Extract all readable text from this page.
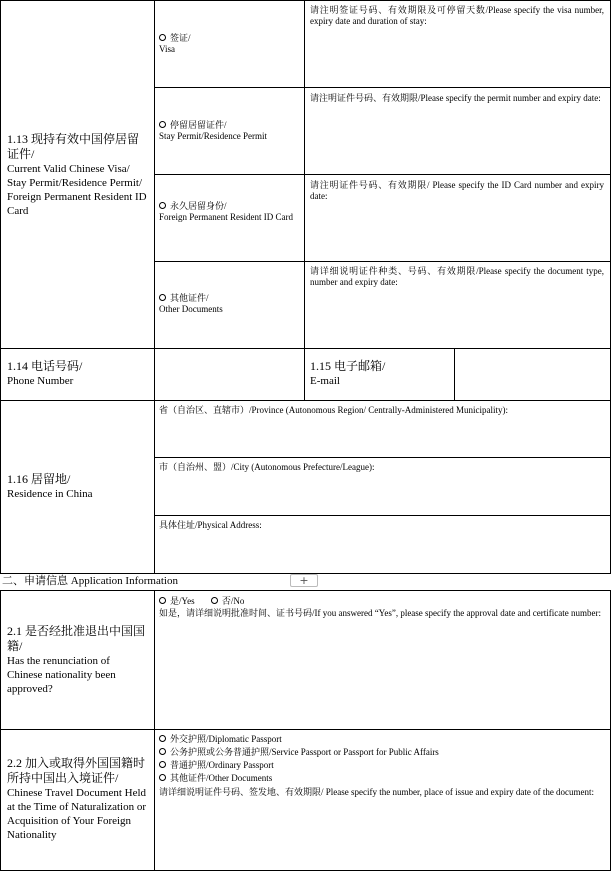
1.13 现持有效中国停居留证件/
Current Valid Chinese Visa/ Stay Permit/Residence Permit/ Foreign Permanent Resident ID Card
签证/
Visa
请注明签证号码、有效期限及可停留天数/Please specify the visa number, expiry date and duration of stay:
停留居留证件/
Stay Permit/Residence Permit
请注明证件号码、有效期限/Please specify the permit number and expiry date:
永久居留身份/
Foreign Permanent Resident ID Card
请注明证件号码、有效期限/ Please specify the ID Card number and expiry date:
其他证件/
Other Documents
请详细说明证件种类、号码、有效期限/Please specify the document type, number and expiry date:
1.14 电话号码/
Phone Number
1.15 电子邮箱/
E-mail
1.16 居留地/
Residence in China
省（自治区、直辖市）/Province (Autonomous Region/ Centrally-Administered Municipality):
市（自治州、盟）/City (Autonomous Prefecture/League):
具体住址/Physical Address:
二、申请信息 Application Information	+
2.1 是否经批准退出中国国籍/
Has the renunciation of Chinese nationality been approved?
是/Yes	否/No
如是，请详细说明批准时间、证书号码/If you answered “Yes”, please specify the approval date and certificate number:
2.2 加入或取得外国国籍时所持中国出入境证件/
Chinese Travel Document Held at the Time of Naturalization or Acquisition of Your Foreign Nationality
外交护照/Diplomatic Passport
公务护照或公务普通护照/Service Passport or Passport for Public Affairs
普通护照/Ordinary Passport
其他证件/Other Documents
请详细说明证件号码、签发地、有效期限/ Please specify the number, place of issue and expiry date of the document:
